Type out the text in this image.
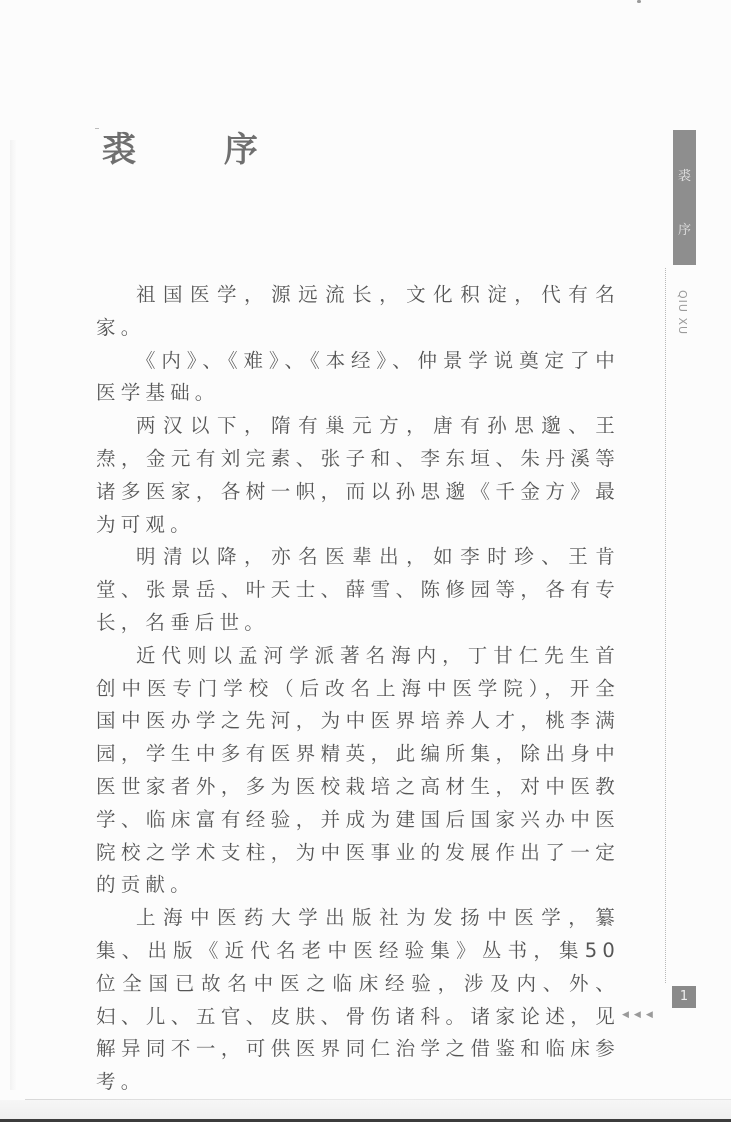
裘 序
裘
序
QIU XU

祖国医学，源远流长，文化积淀，代有名家。

《内》、《难》、《本经》、仲景学说奠定了中医学基础。

两汉以下，隋有巢元方，唐有孙思邈、王焘，金元有刘完素、张子和、李东垣、朱丹溪等诸多医家，各树一帜，而以孙思邈《千金方》最为可观。

明清以降，亦名医辈出，如李时珍、王肯堂、张景岳、叶天士、薛雪、陈修园等，各有专长，名垂后世。

近代则以孟河学派著名海内，丁甘仁先生首创中医专门学校（后改名上海中医学院），开全国中医办学之先河，为中医界培养人才，桃李满园，学生中多有医界精英，此编所集，除出身中医世家者外，多为医校栽培之高材生，对中医教学、临床富有经验，并成为建国后国家兴办中医院校之学术支柱，为中医事业的发展作出了一定的贡献。

上海中医药大学出版社为发扬中医学，纂集、出版《近代名老中医经验集》丛书，集50位全国已故名中医之临床经验，涉及内、外、妇、儿、五官、皮肤、骨伤诸科。诸家论述，见解异同不一，可供医界同仁治学之借鉴和临床参考。

1
◀◀◀
